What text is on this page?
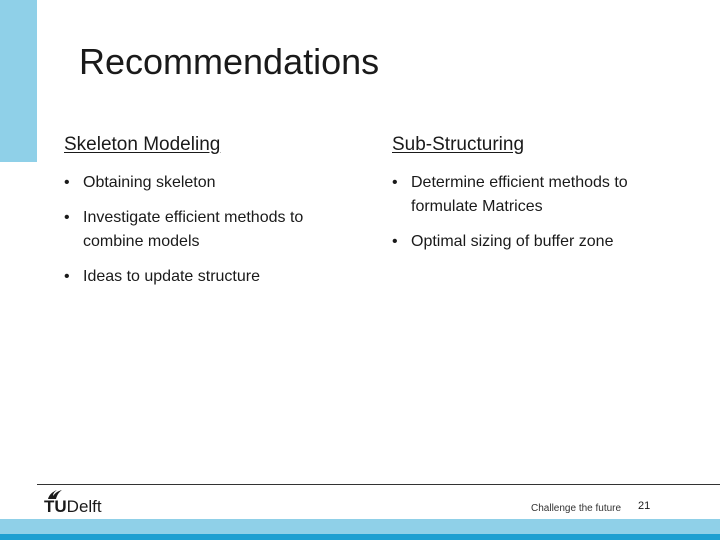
Recommendations
Skeleton Modeling
• Obtaining skeleton
• Investigate efficient methods to combine models
• Ideas to update structure
Sub-Structuring
• Determine efficient methods to formulate Matrices
• Optimal sizing of buffer zone
TUDelft	Challenge the future 21
